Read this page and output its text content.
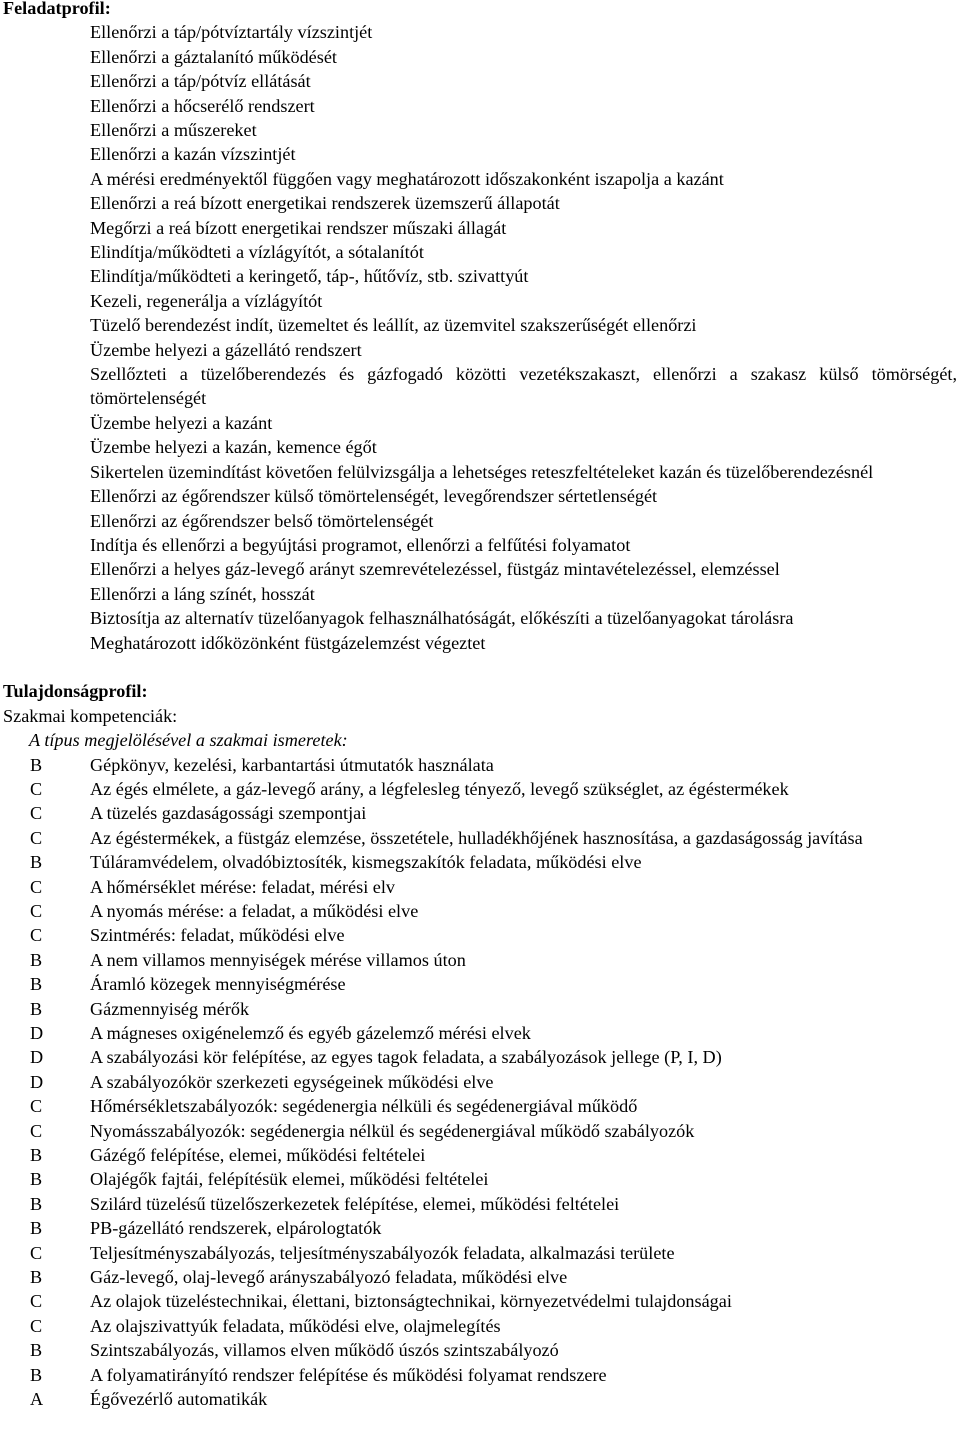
Feladatprofil:
Ellenőrzi a táp/pótvíztartály vízszintjét
Ellenőrzi a gáztalanító működését
Ellenőrzi a táp/pótvíz ellátását
Ellenőrzi a hőcserélő rendszert
Ellenőrzi a műszereket
Ellenőrzi a kazán vízszintjét
A mérési eredményektől függően vagy meghatározott időszakonként iszapolja a kazánt
Ellenőrzi a reá bízott energetikai rendszerek üzemszerű állapotát
Megőrzi a reá bízott energetikai rendszer műszaki állagát
Elindítja/működteti a vízlágyítót, a sótalanítót
Elindítja/működteti a keringető, táp-, hűtővíz, stb. szivattyút
Kezeli, regenerálja a vízlágyítót
Tüzelő berendezést indít, üzemeltet és leállít, az üzemvitel szakszerűségét ellenőrzi
Üzembe helyezi a gázellátó rendszert
Szellőzteti a tüzelőberendezés és gázfogadó közötti vezetékszakaszt, ellenőrzi a szakasz külső tömörségét, tömörtelenségét
Üzembe helyezi a kazánt
Üzembe helyezi a kazán, kemence égőt
Sikertelen üzemindítást követően felülvizsgálja a lehetséges reteszfeltételeket kazán és tüzelőberendezésnél
Ellenőrzi az égőrendszer külső tömörtelenségét, levegőrendszer sértetlenségét
Ellenőrzi az égőrendszer belső tömörtelenségét
Indítja és ellenőrzi a begyújtási programot, ellenőrzi a felfűtési folyamatot
Ellenőrzi a helyes gáz-levegő arányt szemrevételezéssel, füstgáz mintavételezéssel, elemzéssel
Ellenőrzi a láng színét, hosszát
Biztosítja az alternatív tüzelőanyagok felhasználhatóságát, előkészíti a tüzelőanyagokat tárolásra
Meghatározott időközönként füstgázelemzést végeztet
Tulajdonságprofil:
Szakmai kompetenciák:
A típus megjelölésével a szakmai ismeretek:
B	Gépkönyv, kezelési, karbantartási útmutatók használata
C	Az égés elmélete, a gáz-levegő arány, a légfelesleg tényező, levegő szükséglet, az égéstermékek
C	A tüzelés gazdaságossági szempontjai
C	Az égéstermékek, a füstgáz elemzése, összetétele, hulladékhőjének hasznosítása, a gazdaságosság javítása
B	Túláramvédelem, olvadóbiztosíték, kismegszakítók feladata, működési elve
C	A hőmérséklet mérése: feladat, mérési elv
C	A nyomás mérése: a feladat, a működési elve
C	Szintmérés: feladat, működési elve
B	A nem villamos mennyiségek mérése villamos úton
B	Áramló közegek mennyiségmérése
B	Gázmennyiség mérők
D	A mágneses oxigénelemző és egyéb gázelemző mérési elvek
D	A szabályozási kör felépítése, az egyes tagok feladata, a szabályozások jellege (P, I, D)
D	A szabályozókör szerkezeti egységeinek működési elve
C	Hőmérsékletszabályozók: segédenergia nélküli és segédenergiával működő
C	Nyomásszabályozók: segédenergia nélkül és segédenergiával működő szabályozók
B	Gázégő felépítése, elemei, működési feltételei
B	Olajégők fajtái, felépítésük elemei, működési feltételei
B	Szilárd tüzelésű tüzelőszerkezetek felépítése, elemei, működési feltételei
B	PB-gázellátó rendszerek, elpárologtatók
C	Teljesítményszabályozás, teljesítményszabályozók feladata, alkalmazási területe
B	Gáz-levegő, olaj-levegő arányszabályozó feladata, működési elve
C	Az olajok tüzeléstechnikai, élettani, biztonságtechnikai, környezetvédelmi tulajdonságai
C	Az olajszivattyúk feladata, működési elve, olajmelegítés
B	Szintszabályozás, villamos elven működő úszós szintszabályozó
B	A folyamatirányító rendszer felépítése és működési folyamat rendszere
A	Égővezérlő automatikák
